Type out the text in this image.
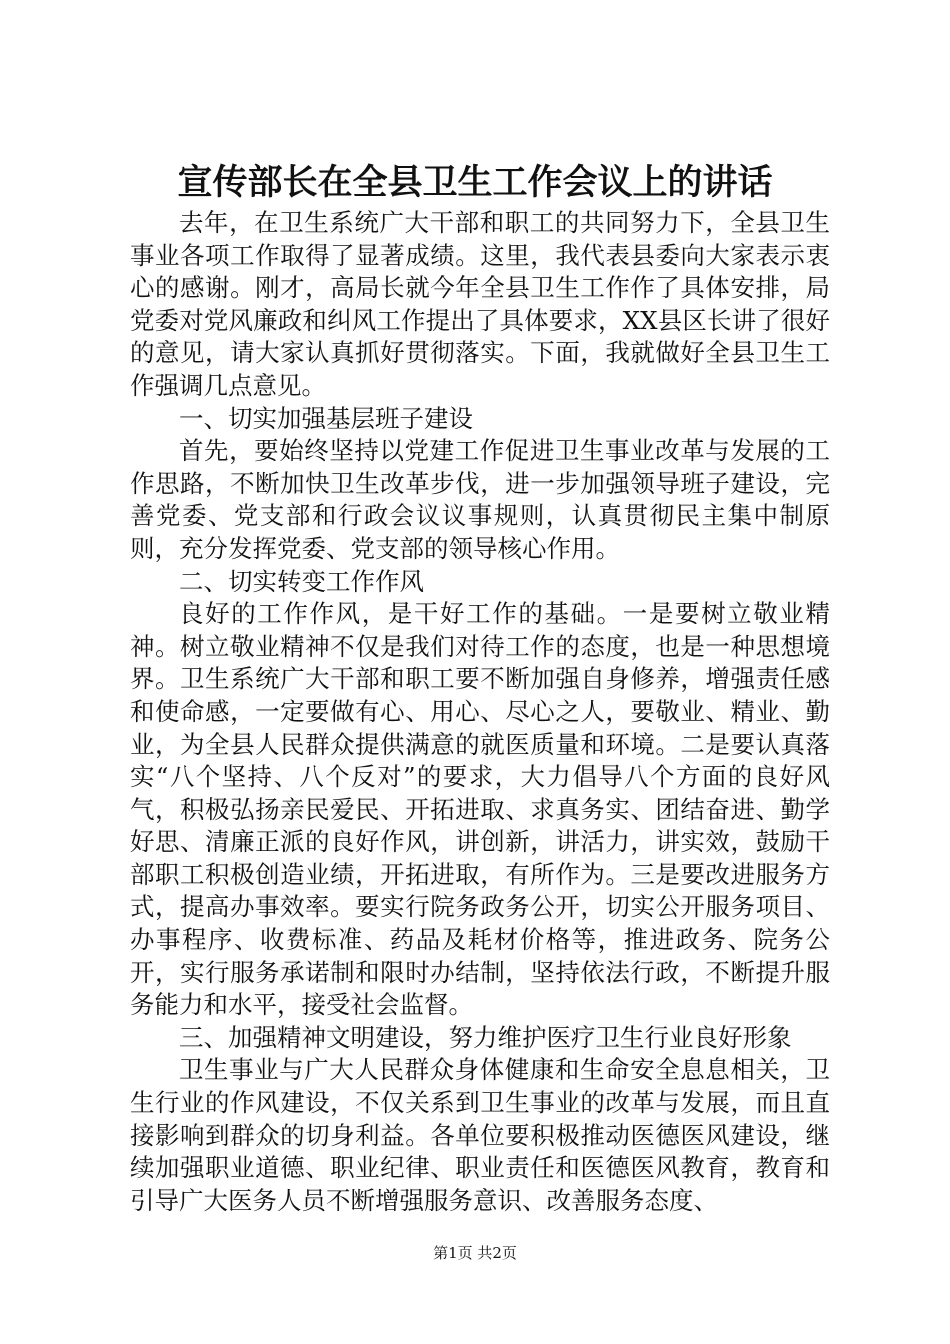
宣传部长在全县卫生工作会议上的讲话

去年，在卫生系统广大干部和职工的共同努力下，全县卫生事业各项工作取得了显著成绩。这里，我代表县委向大家表示衷心的感谢。刚才，高局长就今年全县卫生工作作了具体安排，局党委对党风廉政和纠风工作提出了具体要求，XX县区长讲了很好的意见，请大家认真抓好贯彻落实。下面，我就做好全县卫生工作强调几点意见。

一、切实加强基层班子建设

首先，要始终坚持以党建工作促进卫生事业改革与发展的工作思路，不断加快卫生改革步伐，进一步加强领导班子建设，完善党委、党支部和行政会议议事规则，认真贯彻民主集中制原则，充分发挥党委、党支部的领导核心作用。

二、切实转变工作作风

良好的工作作风，是干好工作的基础。一是要树立敬业精神。树立敬业精神不仅是我们对待工作的态度，也是一种思想境界。卫生系统广大干部和职工要不断加强自身修养，增强责任感和使命感，一定要做有心、用心、尽心之人，要敬业、精业、勤业，为全县人民群众提供满意的就医质量和环境。二是要认真落实“八个坚持、八个反对”的要求，大力倡导八个方面的良好风气，积极弘扬亲民爱民、开拓进取、求真务实、团结奋进、勤学好思、清廉正派的良好作风，讲创新，讲活力，讲实效，鼓励干部职工积极创造业绩，开拓进取，有所作为。三是要改进服务方式，提高办事效率。要实行院务政务公开，切实公开服务项目、办事程序、收费标准、药品及耗材价格等，推进政务、院务公开，实行服务承诺制和限时办结制，坚持依法行政，不断提升服务能力和水平，接受社会监督。

三、加强精神文明建设，努力维护医疗卫生行业良好形象

卫生事业与广大人民群众身体健康和生命安全息息相关，卫生行业的作风建设，不仅关系到卫生事业的改革与发展，而且直接影响到群众的切身利益。各单位要积极推动医德医风建设，继续加强职业道德、职业纪律、职业责任和医德医风教育，教育和引导广大医务人员不断增强服务意识、改善服务态度、

第1页 共2页
